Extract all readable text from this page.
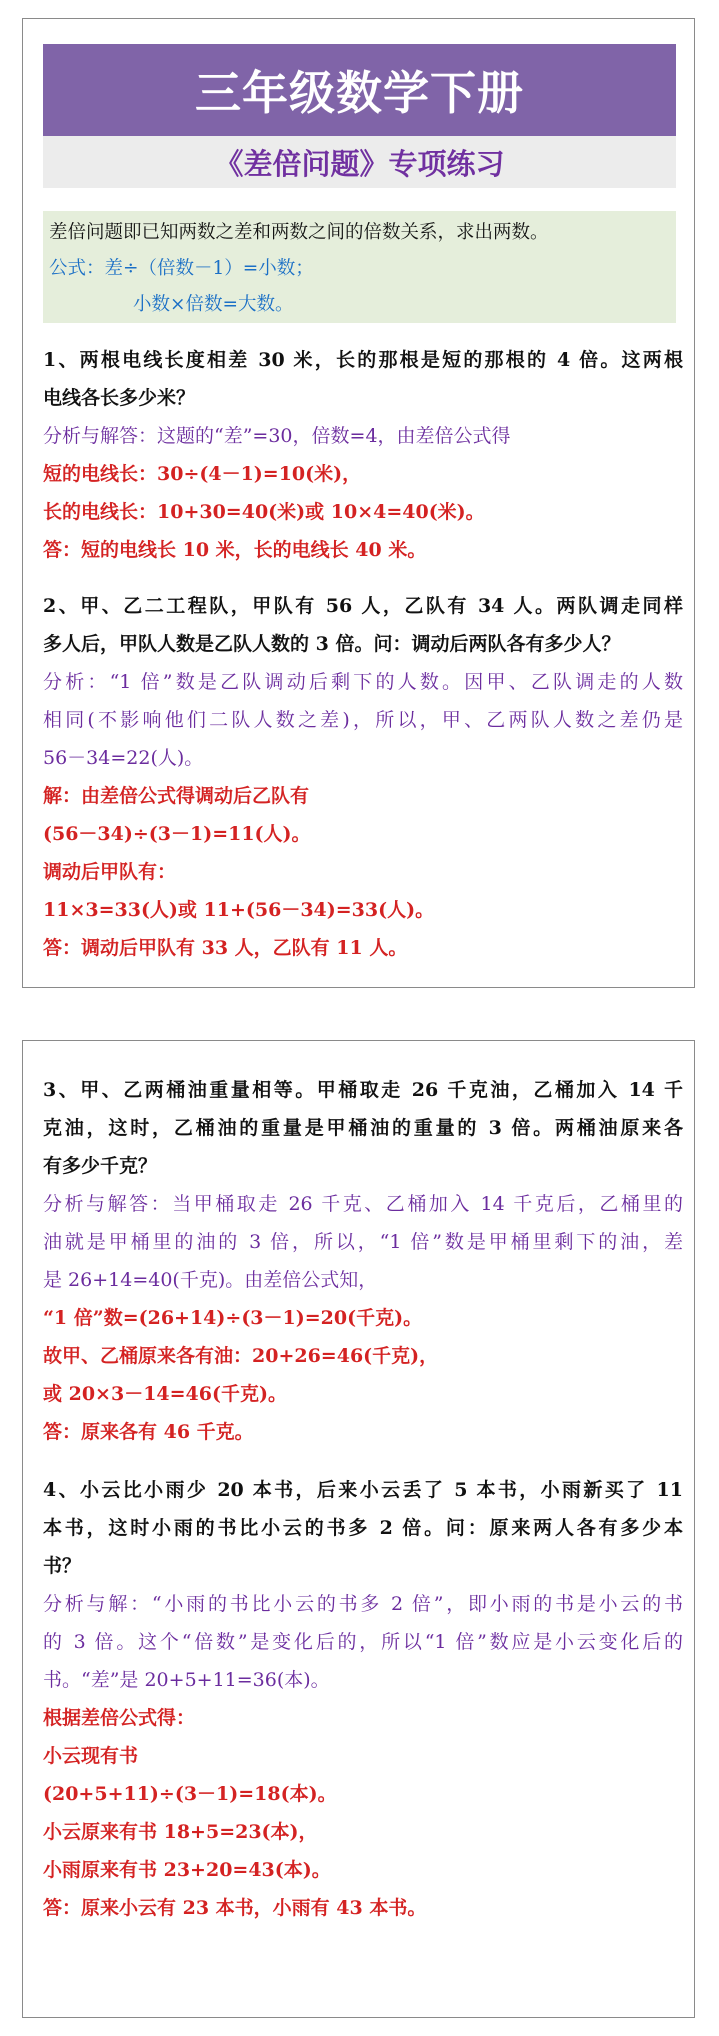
三年级数学下册
《差倍问题》专项练习
差倍问题即已知两数之差和两数之间的倍数关系，求出两数。
公式：差÷（倍数－1）=小数；
小数×倍数=大数。
1、两根电线长度相差 30 米，长的那根是短的那根的 4 倍。这两根
电线各长多少米？
分析与解答：这题的“差”=30，倍数=4，由差倍公式得
短的电线长：30÷(4－1)=10(米)，
长的电线长：10+30=40(米)或 10×4=40(米)。
答：短的电线长 10 米，长的电线长 40 米。
2、甲、乙二工程队，甲队有 56 人，乙队有 34 人。两队调走同样
多人后，甲队人数是乙队人数的 3 倍。问：调动后两队各有多少人？
分析：“1 倍”数是乙队调动后剩下的人数。因甲、乙队调走的人数
相同(不影响他们二队人数之差)，所以，甲、乙两队人数之差仍是
56－34=22(人)。
解：由差倍公式得调动后乙队有
(56－34)÷(3－1)=11(人)。
调动后甲队有：
11×3=33(人)或 11+(56－34)=33(人)。
答：调动后甲队有 33 人，乙队有 11 人。
3、甲、乙两桶油重量相等。甲桶取走 26 千克油，乙桶加入 14 千
克油，这时，乙桶油的重量是甲桶油的重量的 3 倍。两桶油原来各
有多少千克？
分析与解答：当甲桶取走 26 千克、乙桶加入 14 千克后，乙桶里的
油就是甲桶里的油的 3 倍，所以，“1 倍”数是甲桶里剩下的油，差
是 26+14=40(千克)。由差倍公式知，
“1 倍”数=(26+14)÷(3－1)=20(千克)。
故甲、乙桶原来各有油：20+26=46(千克)，
或 20×3－14=46(千克)。
答：原来各有 46 千克。
4、小云比小雨少 20 本书，后来小云丢了 5 本书，小雨新买了 11
本书，这时小雨的书比小云的书多 2 倍。问：原来两人各有多少本
书？
分析与解：“小雨的书比小云的书多 2 倍”，即小雨的书是小云的书
的 3 倍。这个“倍数”是变化后的，所以“1 倍”数应是小云变化后的
书。“差”是 20+5+11=36(本)。
根据差倍公式得：
小云现有书
(20+5+11)÷(3－1)=18(本)。
小云原来有书 18+5=23(本)，
小雨原来有书 23+20=43(本)。
答：原来小云有 23 本书，小雨有 43 本书。
